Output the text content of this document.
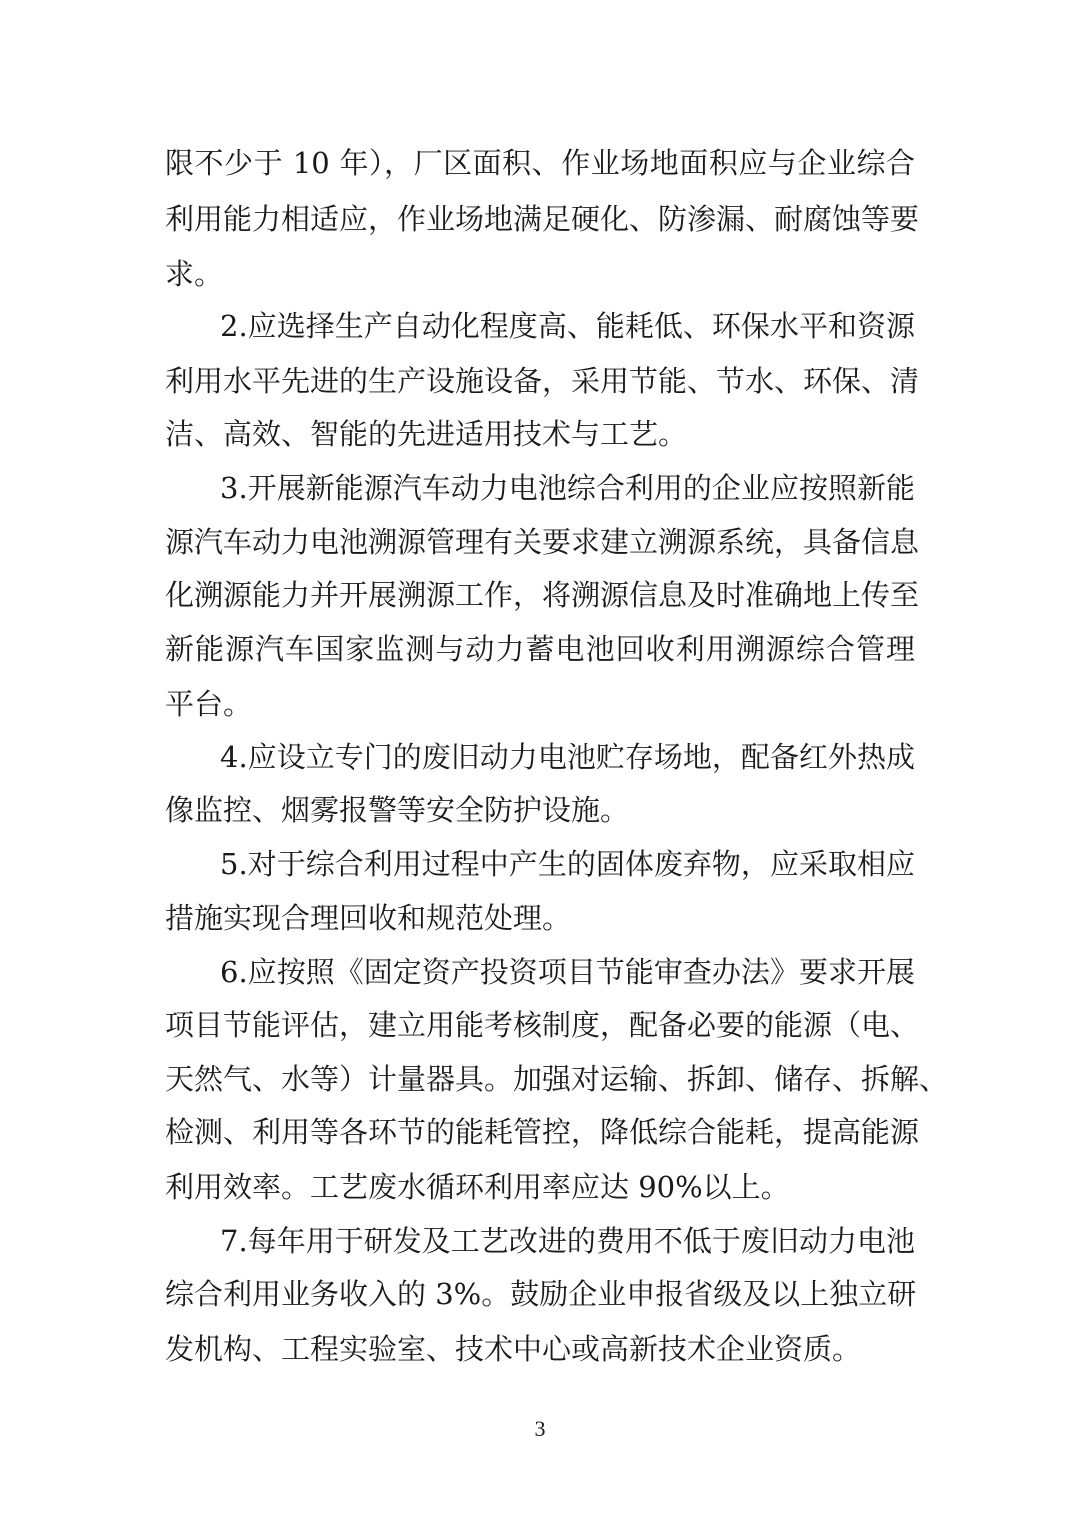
限不少于 10 年），厂区面积、作业场地面积应与企业综合
利用能力相适应，作业场地满足硬化、防渗漏、耐腐蚀等要
求。
2.应选择生产自动化程度高、能耗低、环保水平和资源
利用水平先进的生产设施设备，采用节能、节水、环保、清
洁、高效、智能的先进适用技术与工艺。
3.开展新能源汽车动力电池综合利用的企业应按照新能
源汽车动力电池溯源管理有关要求建立溯源系统，具备信息
化溯源能力并开展溯源工作，将溯源信息及时准确地上传至
新能源汽车国家监测与动力蓄电池回收利用溯源综合管理
平台。
4.应设立专门的废旧动力电池贮存场地，配备红外热成
像监控、烟雾报警等安全防护设施。
5.对于综合利用过程中产生的固体废弃物，应采取相应
措施实现合理回收和规范处理。
6.应按照《固定资产投资项目节能审查办法》要求开展
项目节能评估，建立用能考核制度，配备必要的能源（电、
天然气、水等）计量器具。加强对运输、拆卸、储存、拆解、
检测、利用等各环节的能耗管控，降低综合能耗，提高能源
利用效率。工艺废水循环利用率应达 90%以上。
7.每年用于研发及工艺改进的费用不低于废旧动力电池
综合利用业务收入的 3%。鼓励企业申报省级及以上独立研
发机构、工程实验室、技术中心或高新技术企业资质。
3
